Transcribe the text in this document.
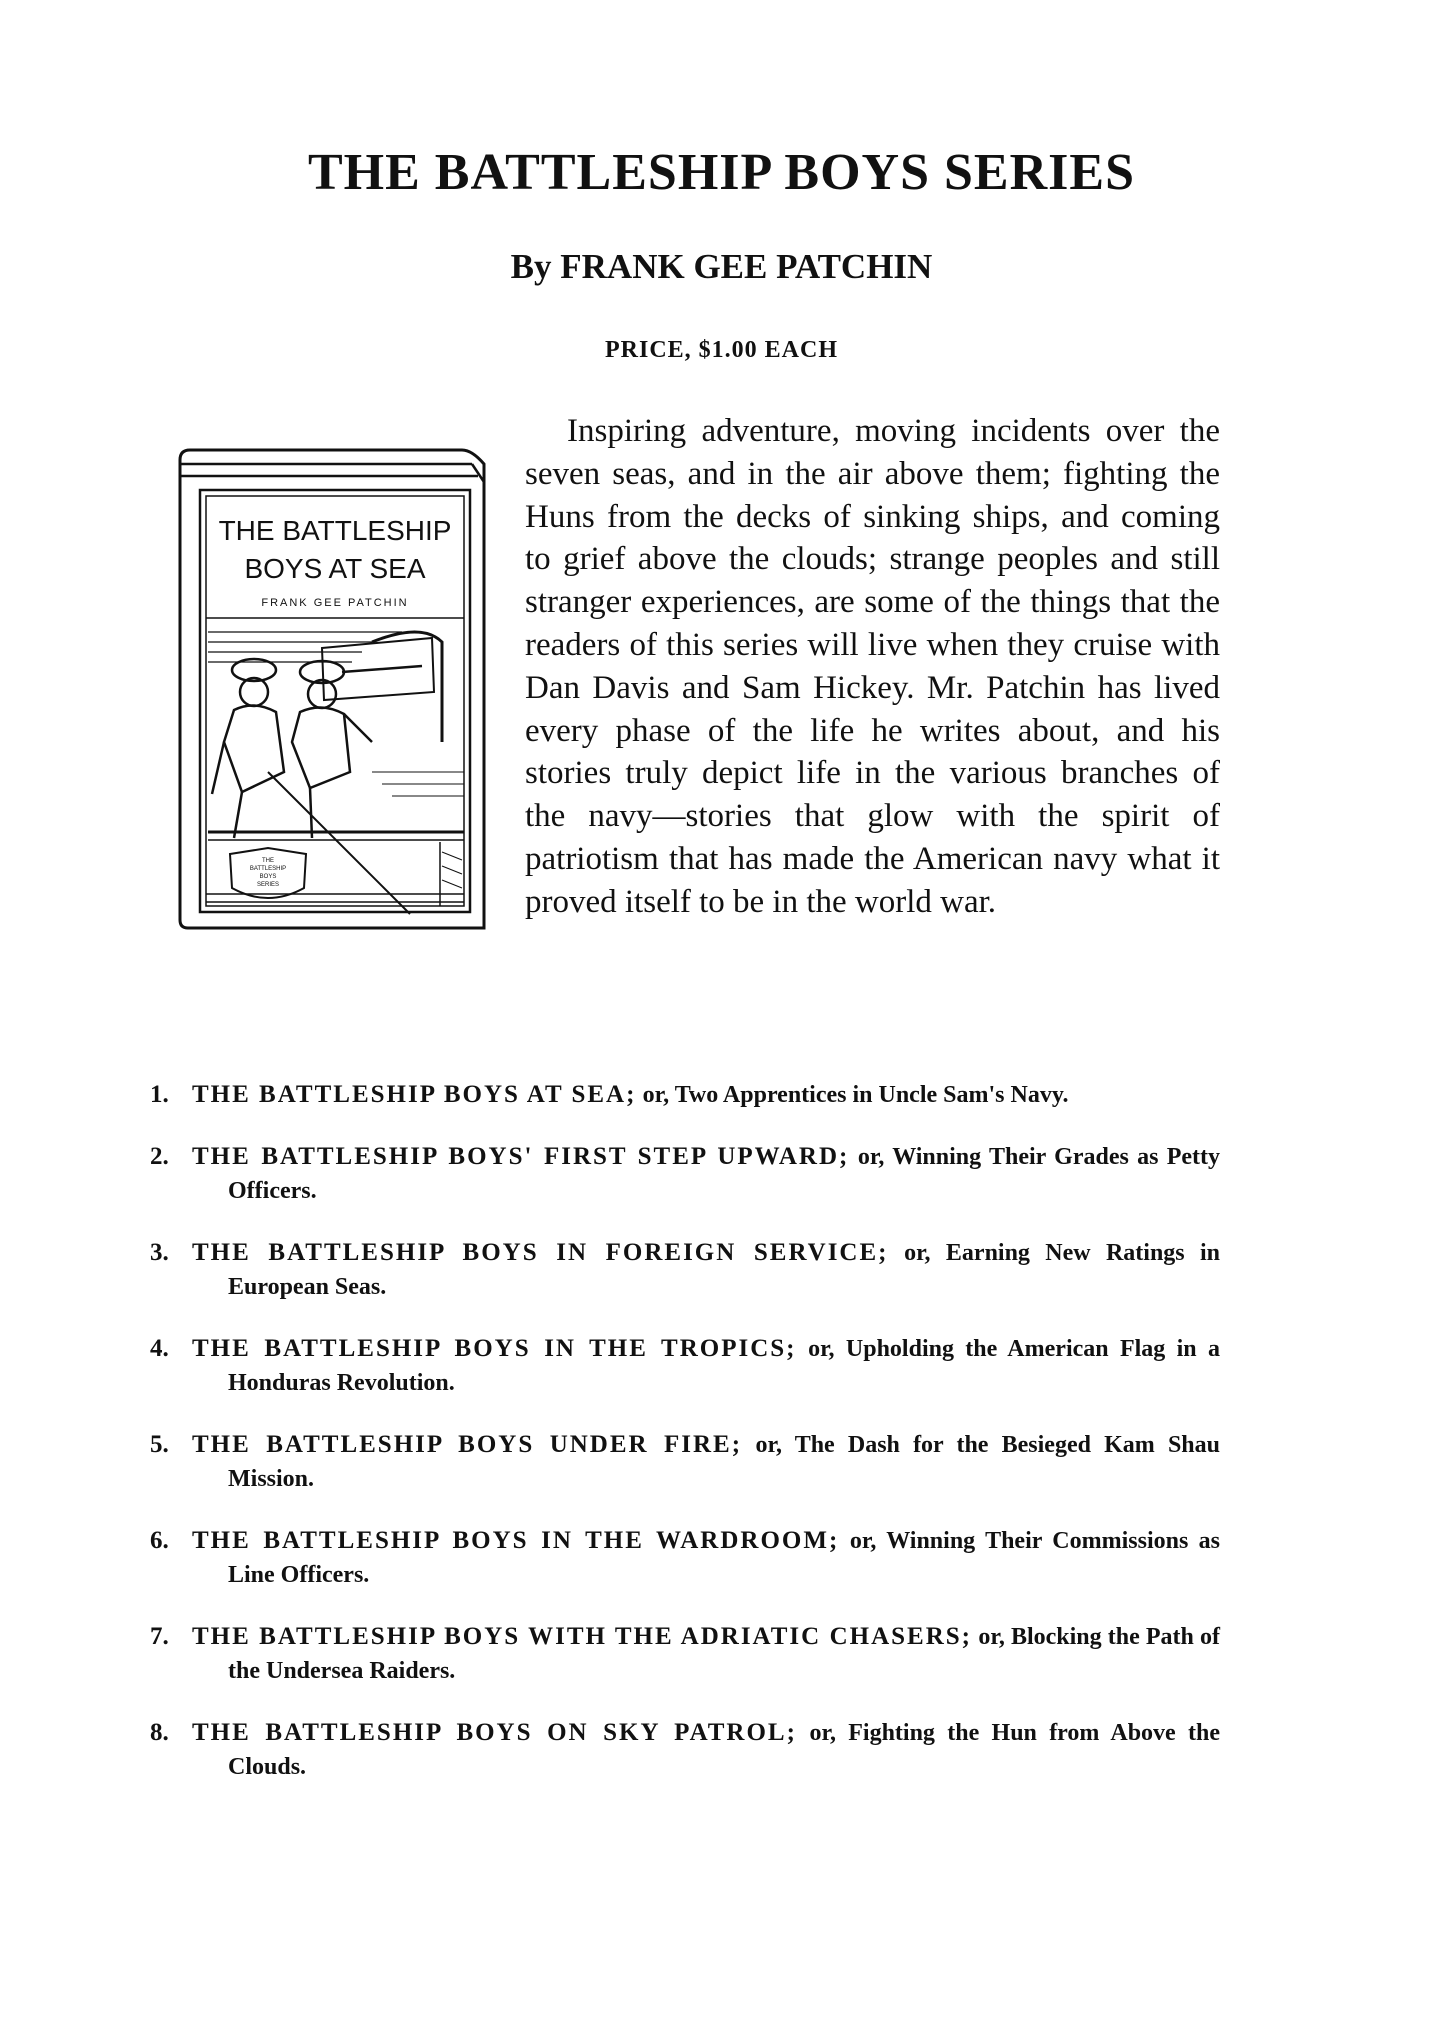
THE BATTLESHIP BOYS SERIES
By FRANK GEE PATCHIN
PRICE, $1.00 EACH

Inspiring adventure, moving incidents over the seven seas, and in the air above them; fighting the Huns from the decks of sinking ships, and coming to grief above the clouds; strange peoples and still stranger experiences, are some of the things that the readers of this series will live when they cruise with Dan Davis and Sam Hickey. Mr. Patchin has lived every phase of the life he writes about, and his stories truly depict life in the various branches of the navy—stories that glow with the spirit of patriotism that has made the American navy what it proved itself to be in the world war.

THE BATTLESHIP
BOYS AT SEA
FRANK GEE PATCHIN
THE
BATTLESHIP
BOYS
SERIES
1. THE BATTLESHIP BOYS AT SEA; or, Two Apprentices in Uncle Sam's Navy.
2. THE BATTLESHIP BOYS' FIRST STEP UPWARD; or, Winning Their Grades as Petty Officers.
3. THE BATTLESHIP BOYS IN FOREIGN SERVICE; or, Earning New Ratings in European Seas.
4. THE BATTLESHIP BOYS IN THE TROPICS; or, Upholding the American Flag in a Honduras Revolution.
5. THE BATTLESHIP BOYS UNDER FIRE; or, The Dash for the Besieged Kam Shau Mission.
6. THE BATTLESHIP BOYS IN THE WARDROOM; or, Winning Their Commissions as Line Officers.
7. THE BATTLESHIP BOYS WITH THE ADRIATIC CHASERS; or, Blocking the Path of the Undersea Raiders.
8. THE BATTLESHIP BOYS ON SKY PATROL; or, Fighting the Hun from Above the Clouds.
